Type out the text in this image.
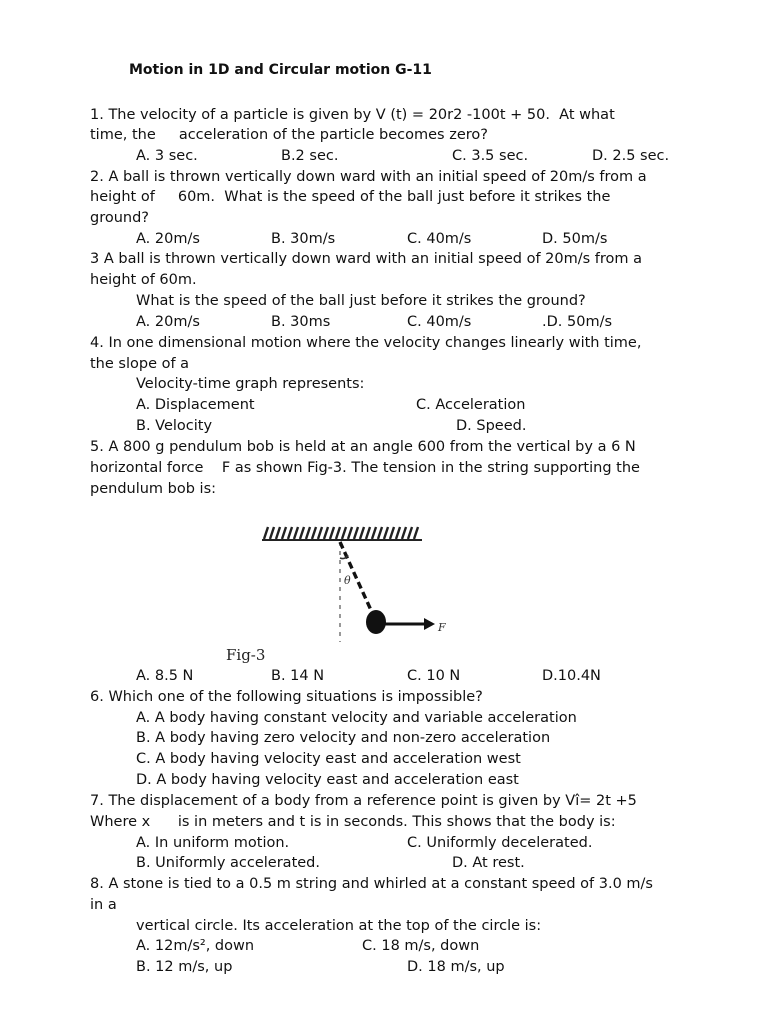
Motion in 1D and Circular motion G-11
1. The velocity of a particle is given by V (t) = 20r2 -100t + 50.  At what
time, the     acceleration of the particle becomes zero?
A. 3 sec.	B.2 sec.	C. 3.5 sec.	D. 2.5 sec.
2. A ball is thrown vertically down ward with an initial speed of 20m/s from a
height of     60m.  What is the speed of the ball just before it strikes the
ground?
A. 20m/s	B. 30m/s	C. 40m/s	D. 50m/s
3 A ball is thrown vertically down ward with an initial speed of 20m/s from a
height of 60m.
What is the speed of the ball just before it strikes the ground?
A. 20m/s	B. 30ms	C. 40m/s	.D. 50m/s
4. In one dimensional motion where the velocity changes linearly with time,
the slope of a
Velocity-time graph represents:
A. Displacement	C. Acceleration
B. Velocity	D. Speed.
5. A 800 g pendulum bob is held at an angle 600 from the vertical by a 6 N
horizontal force    F as shown Fig-3. The tension in the string supporting the
pendulum bob is:
θ
F
Fig-3
A. 8.5 N	B. 14 N	C. 10 N	D.10.4N
6. Which one of the following situations is impossible?
A. A body having constant velocity and variable acceleration
B. A body having zero velocity and non-zero acceleration
C. A body having velocity east and acceleration west
D. A body having velocity east and acceleration east
7. The displacement of a body from a reference point is given by Vî= 2t +5
Where x      is in meters and t is in seconds. This shows that the body is:
A. In uniform motion.	C. Uniformly decelerated.
B. Uniformly accelerated.	D. At rest.
8. A stone is tied to a 0.5 m string and whirled at a constant speed of 3.0 m/s
in a
vertical circle. Its acceleration at the top of the circle is:
A. 12m/s², down	C. 18 m/s, down
B. 12 m/s, up	D. 18 m/s, up
